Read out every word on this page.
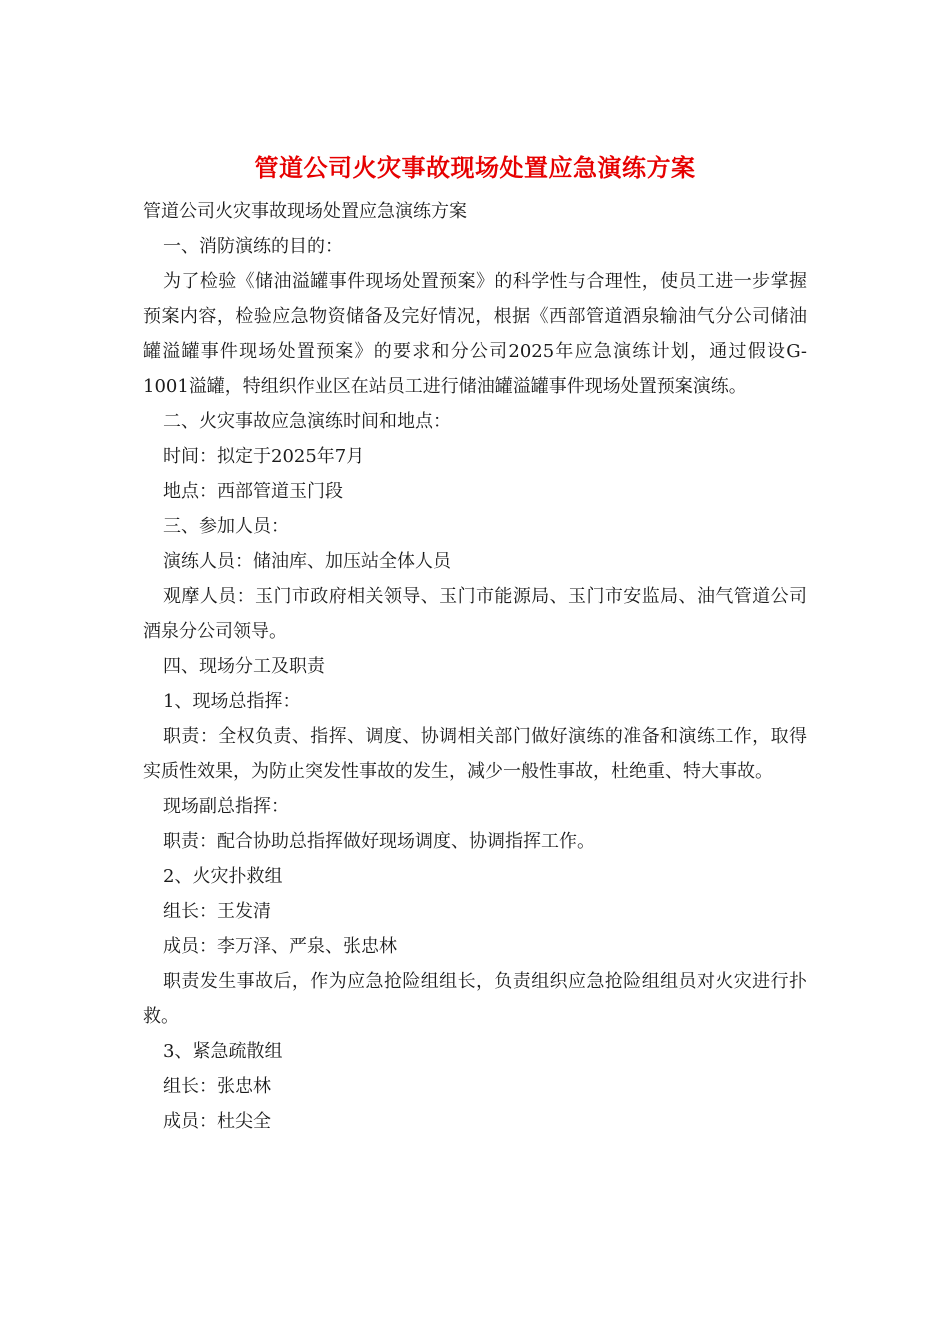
管道公司火灾事故现场处置应急演练方案

管道公司火灾事故现场处置应急演练方案

一、消防演练的目的：

为了检验《储油溢罐事件现场处置预案》的科学性与合理性，使员工进一步掌握预案内容，检验应急物资储备及完好情况，根据《西部管道酒泉输油气分公司储油罐溢罐事件现场处置预案》的要求和分公司2025年应急演练计划，通过假设G-1001溢罐，特组织作业区在站员工进行储油罐溢罐事件现场处置预案演练。

二、火灾事故应急演练时间和地点：

时间：拟定于2025年7月

地点：西部管道玉门段

三、参加人员：

演练人员：储油库、加压站全体人员

观摩人员：玉门市政府相关领导、玉门市能源局、玉门市安监局、油气管道公司酒泉分公司领导。

四、现场分工及职责

1、现场总指挥：

职责：全权负责、指挥、调度、协调相关部门做好演练的准备和演练工作，取得实质性效果，为防止突发性事故的发生，减少一般性事故，杜绝重、特大事故。

现场副总指挥：

职责：配合协助总指挥做好现场调度、协调指挥工作。

2、火灾扑救组

组长：王发清

成员：李万泽、严泉、张忠林

职责发生事故后，作为应急抢险组组长，负责组织应急抢险组组员对火灾进行扑救。

3、紧急疏散组

组长：张忠林

成员：杜尖全
